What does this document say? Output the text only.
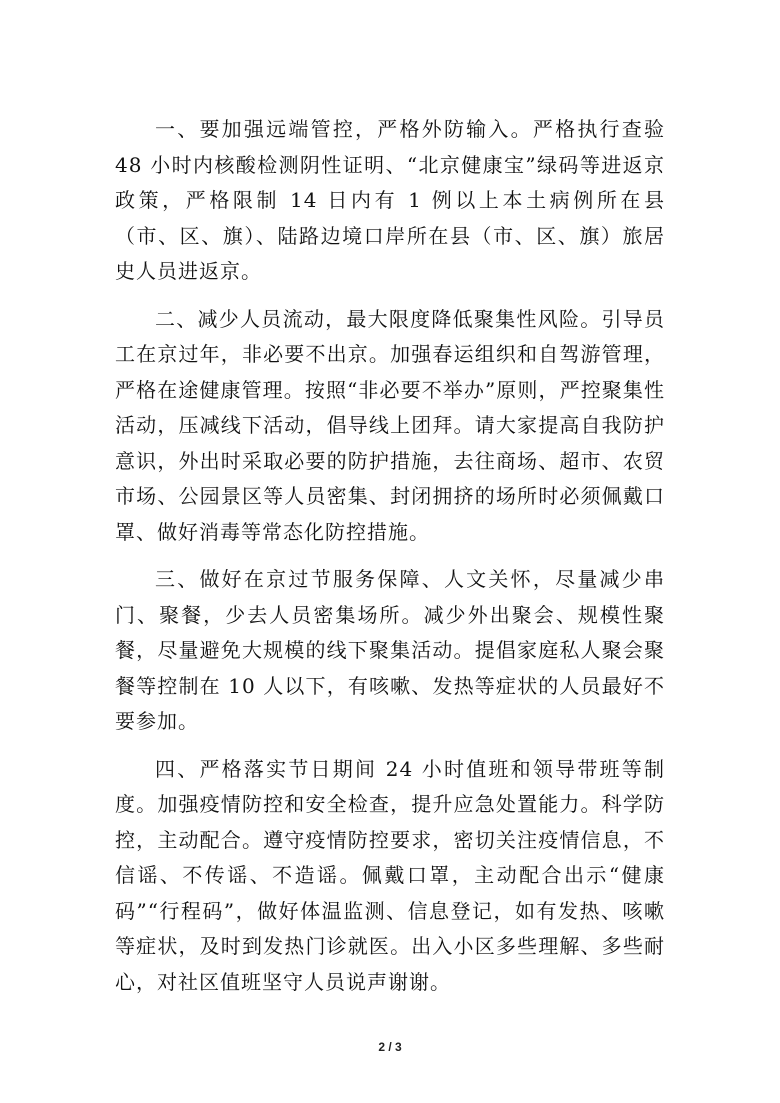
一、要加强远端管控，严格外防输入。严格执行查验 48 小时内核酸检测阴性证明、“北京健康宝”绿码等进返京政策，严格限制 14 日内有 1 例以上本土病例所在县（市、区、旗）、陆路边境口岸所在县（市、区、旗）旅居史人员进返京。

二、减少人员流动，最大限度降低聚集性风险。引导员工在京过年，非必要不出京。加强春运组织和自驾游管理，严格在途健康管理。按照“非必要不举办”原则，严控聚集性活动，压减线下活动，倡导线上团拜。请大家提高自我防护意识，外出时采取必要的防护措施，去往商场、超市、农贸市场、公园景区等人员密集、封闭拥挤的场所时必须佩戴口罩、做好消毒等常态化防控措施。

三、做好在京过节服务保障、人文关怀，尽量减少串门、聚餐，少去人员密集场所。减少外出聚会、规模性聚餐，尽量避免大规模的线下聚集活动。提倡家庭私人聚会聚餐等控制在 10 人以下，有咳嗽、发热等症状的人员最好不要参加。

四、严格落实节日期间 24 小时值班和领导带班等制度。加强疫情防控和安全检查，提升应急处置能力。科学防控，主动配合。遵守疫情防控要求，密切关注疫情信息，不信谣、不传谣、不造谣。佩戴口罩，主动配合出示“健康码”“行程码”，做好体温监测、信息登记，如有发热、咳嗽等症状，及时到发热门诊就医。出入小区多些理解、多些耐心，对社区值班坚守人员说声谢谢。

2 / 3
